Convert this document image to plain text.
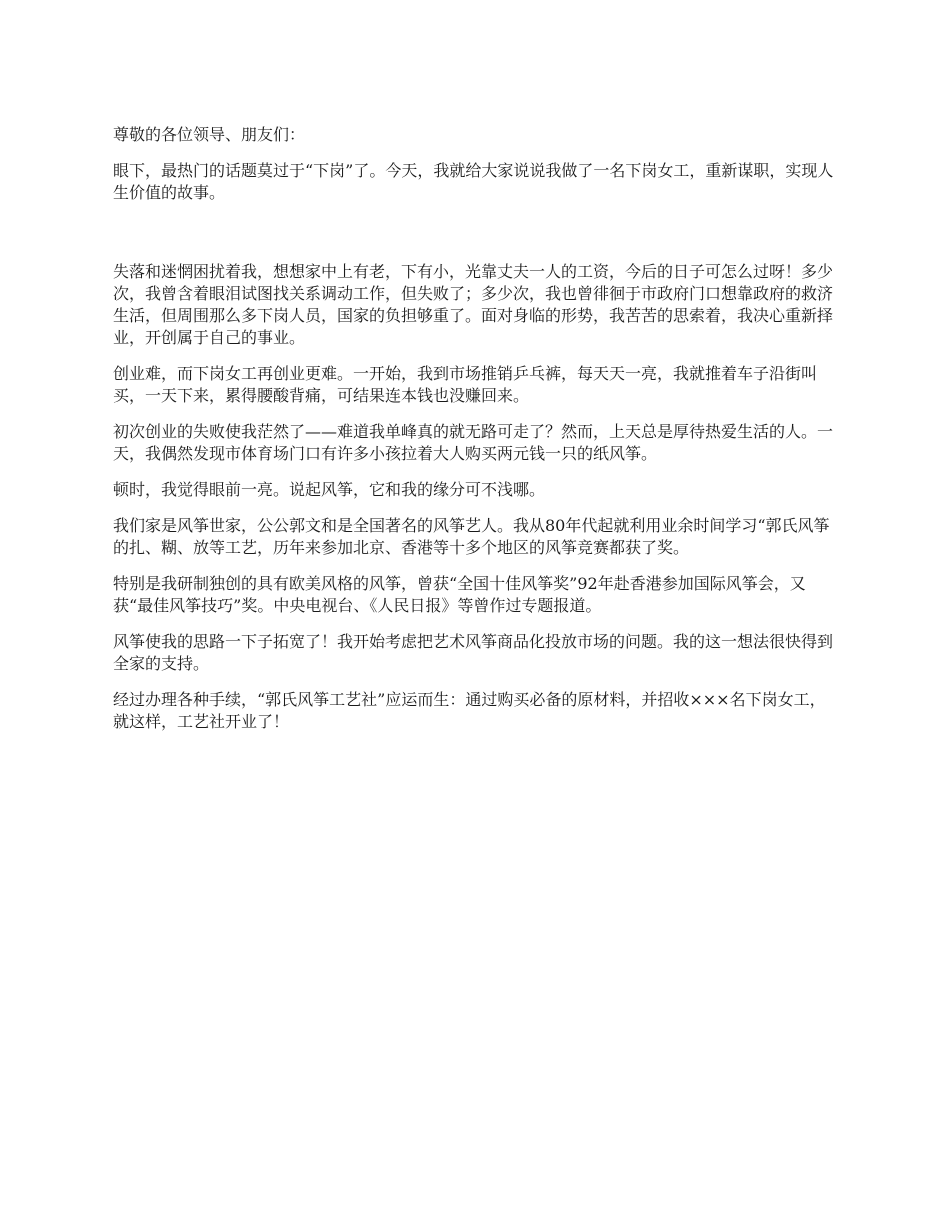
尊敬的各位领导、朋友们：

眼下，最热门的话题莫过于“下岗”了。今天，我就给大家说说我做了一名下岗女工，重新谋职，实现人生价值的故事。

失落和迷惘困扰着我，想想家中上有老，下有小，光靠丈夫一人的工资，今后的日子可怎么过呀！多少次，我曾含着眼泪试图找关系调动工作，但失败了；多少次，我也曾徘徊于市政府门口想靠政府的救济生活，但周围那么多下岗人员，国家的负担够重了。面对身临的形势，我苦苦的思索着，我决心重新择业，开创属于自己的事业。

创业难，而下岗女工再创业更难。一开始，我到市场推销乒乓裤，每天天一亮，我就推着车子沿街叫买，一天下来，累得腰酸背痛，可结果连本钱也没赚回来。

初次创业的失败使我茫然了——难道我单峰真的就无路可走了？然而，上天总是厚待热爱生活的人。一天，我偶然发现市体育场门口有许多小孩拉着大人购买两元钱一只的纸风筝。

顿时，我觉得眼前一亮。说起风筝，它和我的缘分可不浅哪。

我们家是风筝世家，公公郭文和是全国著名的风筝艺人。我从80年代起就利用业余时间学习“郭氏风筝的扎、糊、放等工艺，历年来参加北京、香港等十多个地区的风筝竞赛都获了奖。

特别是我研制独创的具有欧美风格的风筝，曾获“全国十佳风筝奖”92年赴香港参加国际风筝会，又获“最佳风筝技巧”奖。中央电视台、《人民日报》等曾作过专题报道。

风筝使我的思路一下子拓宽了！我开始考虑把艺术风筝商品化投放市场的问题。我的这一想法很快得到全家的支持。

经过办理各种手续，“郭氏风筝工艺社”应运而生：通过购买必备的原材料，并招收×××名下岗女工，就这样，工艺社开业了！
